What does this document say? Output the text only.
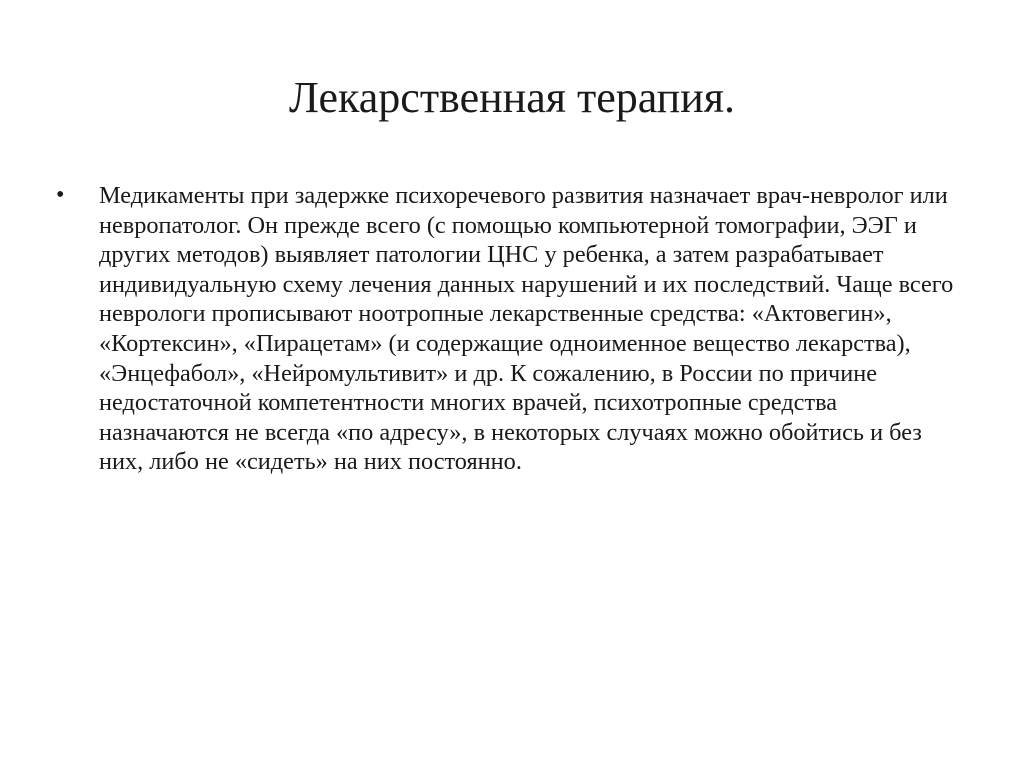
Лекарственная терапия.
• Медикаменты при задержке психоречевого развития назначает врач-невролог или невропатолог. Он прежде всего (с помощью компьютерной томографии, ЭЭГ и других методов) выявляет патологии ЦНС у ребенка, а затем разрабатывает индивидуальную схему лечения данных нарушений и их последствий. Чаще всего неврологи прописывают ноотропные лекарственные средства: «Актовегин», «Кортексин», «Пирацетам» (и содержащие одноименное вещество лекарства), «Энцефабол», «Нейромультивит» и др. К сожалению, в России по причине недостаточной компетентности многих врачей, психотропные средства назначаются не всегда «по адресу», в некоторых случаях можно обойтись и без них, либо не «сидеть» на них постоянно.
